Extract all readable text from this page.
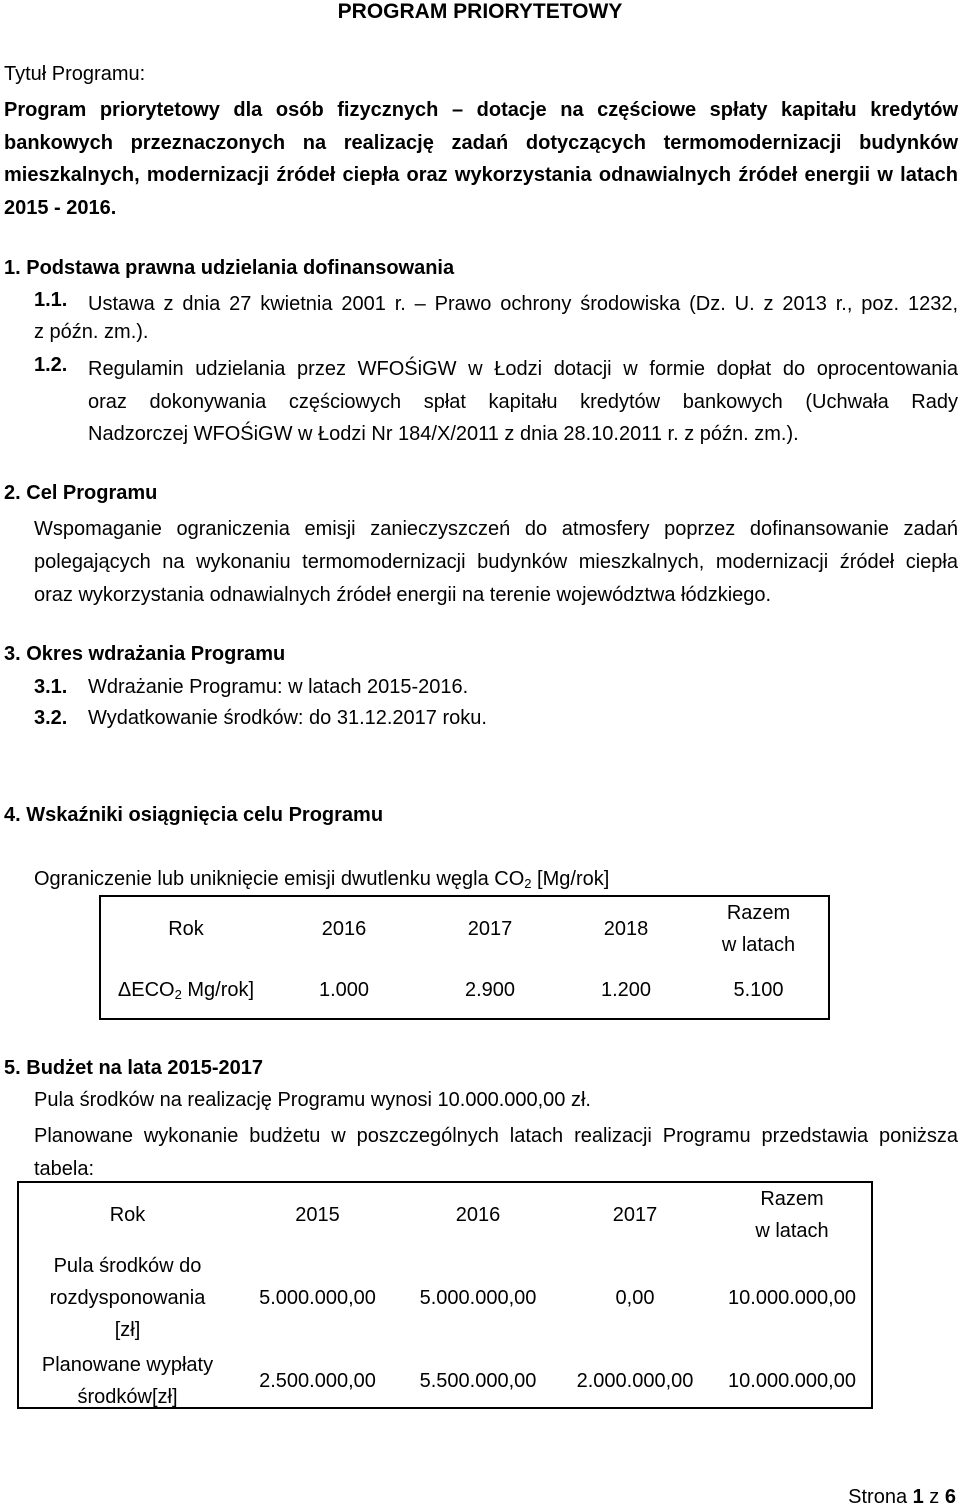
PROGRAM PRIORYTETOWY
Tytuł Programu:
Program priorytetowy dla osób fizycznych – dotacje na częściowe spłaty kapitału kredytów
bankowych przeznaczonych na realizację zadań dotyczących termomodernizacji budynków
mieszkalnych, modernizacji źródeł ciepła oraz wykorzystania odnawialnych źródeł energii w latach
2015 - 2016.
1. Podstawa prawna udzielania dofinansowania
1.1. Ustawa z dnia 27 kwietnia 2001 r. – Prawo ochrony środowiska (Dz. U. z 2013 r., poz. 1232,
z późn. zm.).
1.2. Regulamin udzielania przez WFOŚiGW w Łodzi dotacji w formie dopłat do oprocentowania
oraz dokonywania częściowych spłat kapitału kredytów bankowych (Uchwała Rady
Nadzorczej WFOŚiGW w Łodzi Nr 184/X/2011 z dnia 28.10.2011 r. z późn. zm.).
2. Cel Programu
Wspomaganie ograniczenia emisji zanieczyszczeń do atmosfery poprzez dofinansowanie zadań
polegających na wykonaniu termomodernizacji budynków mieszkalnych, modernizacji źródeł ciepła
oraz wykorzystania odnawialnych źródeł energii na terenie województwa łódzkiego.
3. Okres wdrażania Programu
3.1. Wdrażanie Programu: w latach 2015-2016.
3.2. Wydatkowanie środków: do 31.12.2017 roku.
4. Wskaźniki osiągnięcia celu Programu
Ograniczenie lub uniknięcie emisji dwutlenku węgla $CO_2$ [Mg/rok]
Rok	2016	2017	2018	Razem
w latach

$\Delta ECO_2$ Mg/rok]	1.000	2.900	1.200	5.100
5. Budżet na lata 2015-2017
Pula środków na realizację Programu wynosi 10.000.000,00 zł.
Planowane wykonanie budżetu w poszczególnych latach realizacji Programu przedstawia poniższa
tabela:
Rok	2015	2016	2017	Razem
w latach

Pula środków do
rozdysponowania
[zł]	5.000.000,00	5.000.000,00	0,00	10.000.000,00

Planowane wypłaty
środków[zł]	2.500.000,00	5.500.000,00	2.000.000,00	10.000.000,00
Strona 1 z 6
